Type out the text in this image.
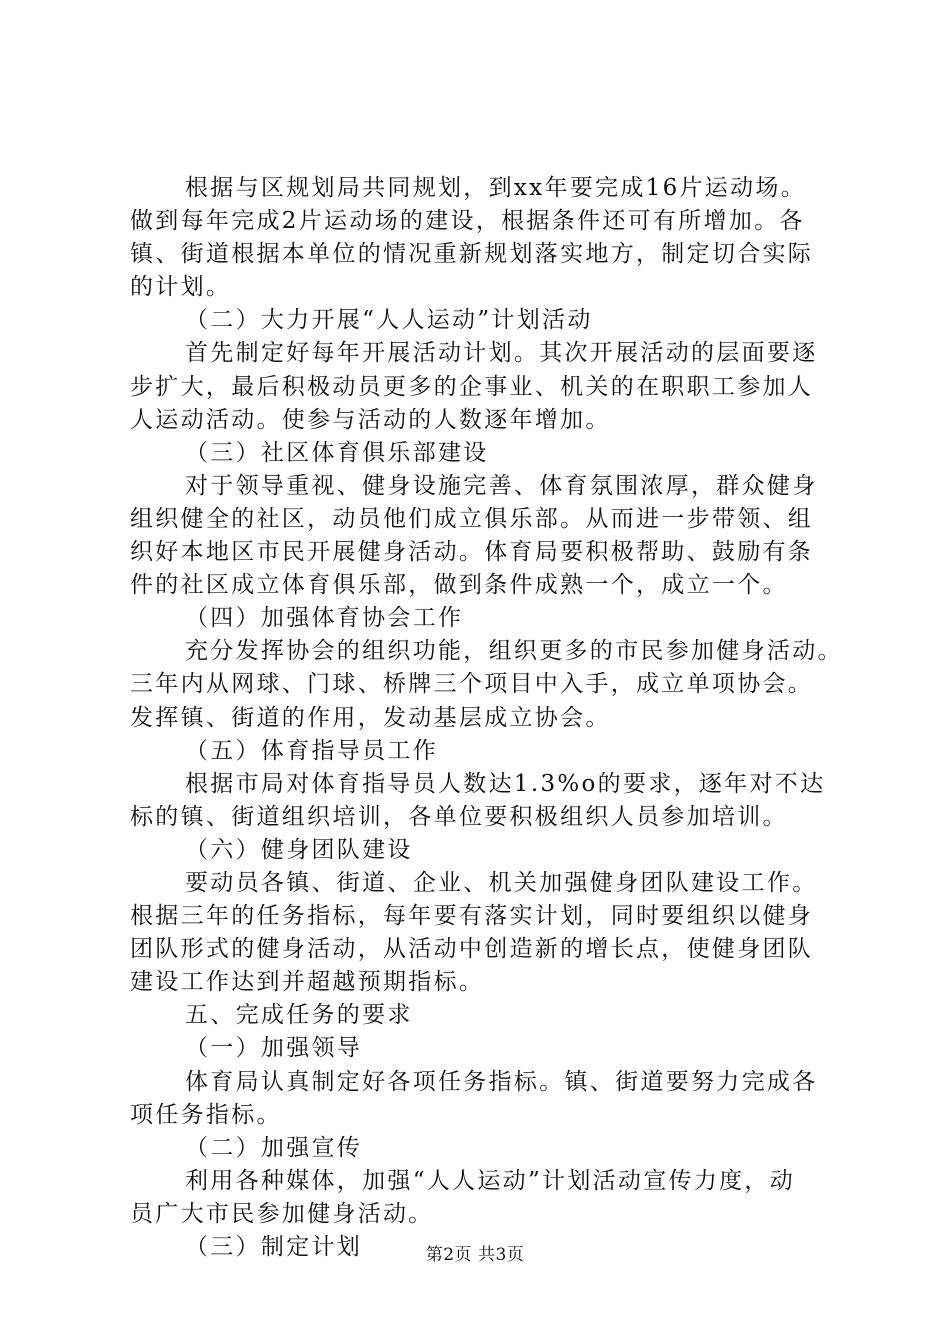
根据与区规划局共同规划，到xx年要完成16片运动场。
做到每年完成2片运动场的建设，根据条件还可有所增加。各
镇、街道根据本单位的情况重新规划落实地方，制定切合实际
的计划。
（二）大力开展“人人运动”计划活动
首先制定好每年开展活动计划。其次开展活动的层面要逐
步扩大，最后积极动员更多的企事业、机关的在职职工参加人
人运动活动。使参与活动的人数逐年增加。
（三）社区体育俱乐部建设
对于领导重视、健身设施完善、体育氛围浓厚，群众健身
组织健全的社区，动员他们成立俱乐部。从而进一步带领、组
织好本地区市民开展健身活动。体育局要积极帮助、鼓励有条
件的社区成立体育俱乐部，做到条件成熟一个，成立一个。
（四）加强体育协会工作
充分发挥协会的组织功能，组织更多的市民参加健身活动。
三年内从网球、门球、桥牌三个项目中入手，成立单项协会。
发挥镇、街道的作用，发动基层成立协会。
（五）体育指导员工作
根据市局对体育指导员人数达1.3%o的要求，逐年对不达
标的镇、街道组织培训，各单位要积极组织人员参加培训。
（六）健身团队建设
要动员各镇、街道、企业、机关加强健身团队建设工作。
根据三年的任务指标，每年要有落实计划，同时要组织以健身
团队形式的健身活动，从活动中创造新的增长点，使健身团队
建设工作达到并超越预期指标。
五、完成任务的要求
（一）加强领导
体育局认真制定好各项任务指标。镇、街道要努力完成各
项任务指标。
（二）加强宣传
利用各种媒体，加强“人人运动”计划活动宣传力度，动
员广大市民参加健身活动。
（三）制定计划	第2页 共3页
